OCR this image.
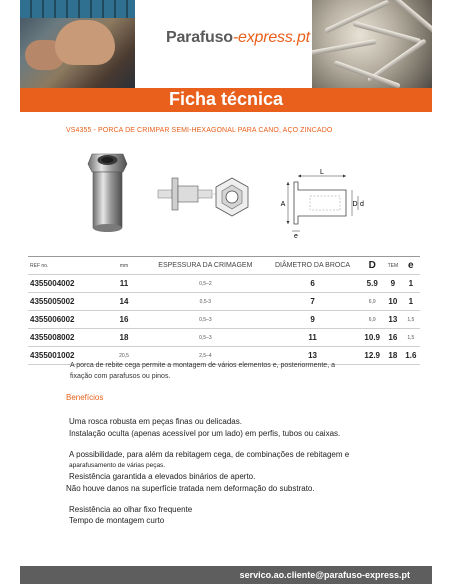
Parafuso-express.pt
Ficha técnica
VS4355 - PORCA DE CRIMPAR SEMI-HEXAGONAL PARA CANO, AÇO ZINCADO
L
A	D d
e
REF no.	mm	ESPESSURA DA CRIMAGEM	DIÂMETRO DA BROCA	D	TEM	e
4355004002	11	0,5–2	6	5.9	9	1
4355005002	14	0,5-3	7	6,9	10	1
4355006002	16	0,5–3	9	6,9	13	1,5
4355008002	18	0,5–3	11	10.9	16	1,5
4355001002	20,5	2,5–4	13	12.9	18	1.6
A porca de rebite cega permite a montagem de vários elementos e, posteriormente, a
fixação com parafusos ou pinos.
Benefícios
Uma rosca robusta em peças finas ou delicadas.
Instalação oculta (apenas acessível por um lado) em perfis, tubos ou caixas.
A possibilidade, para além da rebitagem cega, de combinações de rebitagem e
aparafusamento de várias peças.
Resistência garantida a elevados binários de aperto.
Não houve danos na superfície tratada nem deformação do substrato.
Resistência ao olhar fixo frequente
Tempo de montagem curto
servico.ao.cliente@parafuso-express.pt
